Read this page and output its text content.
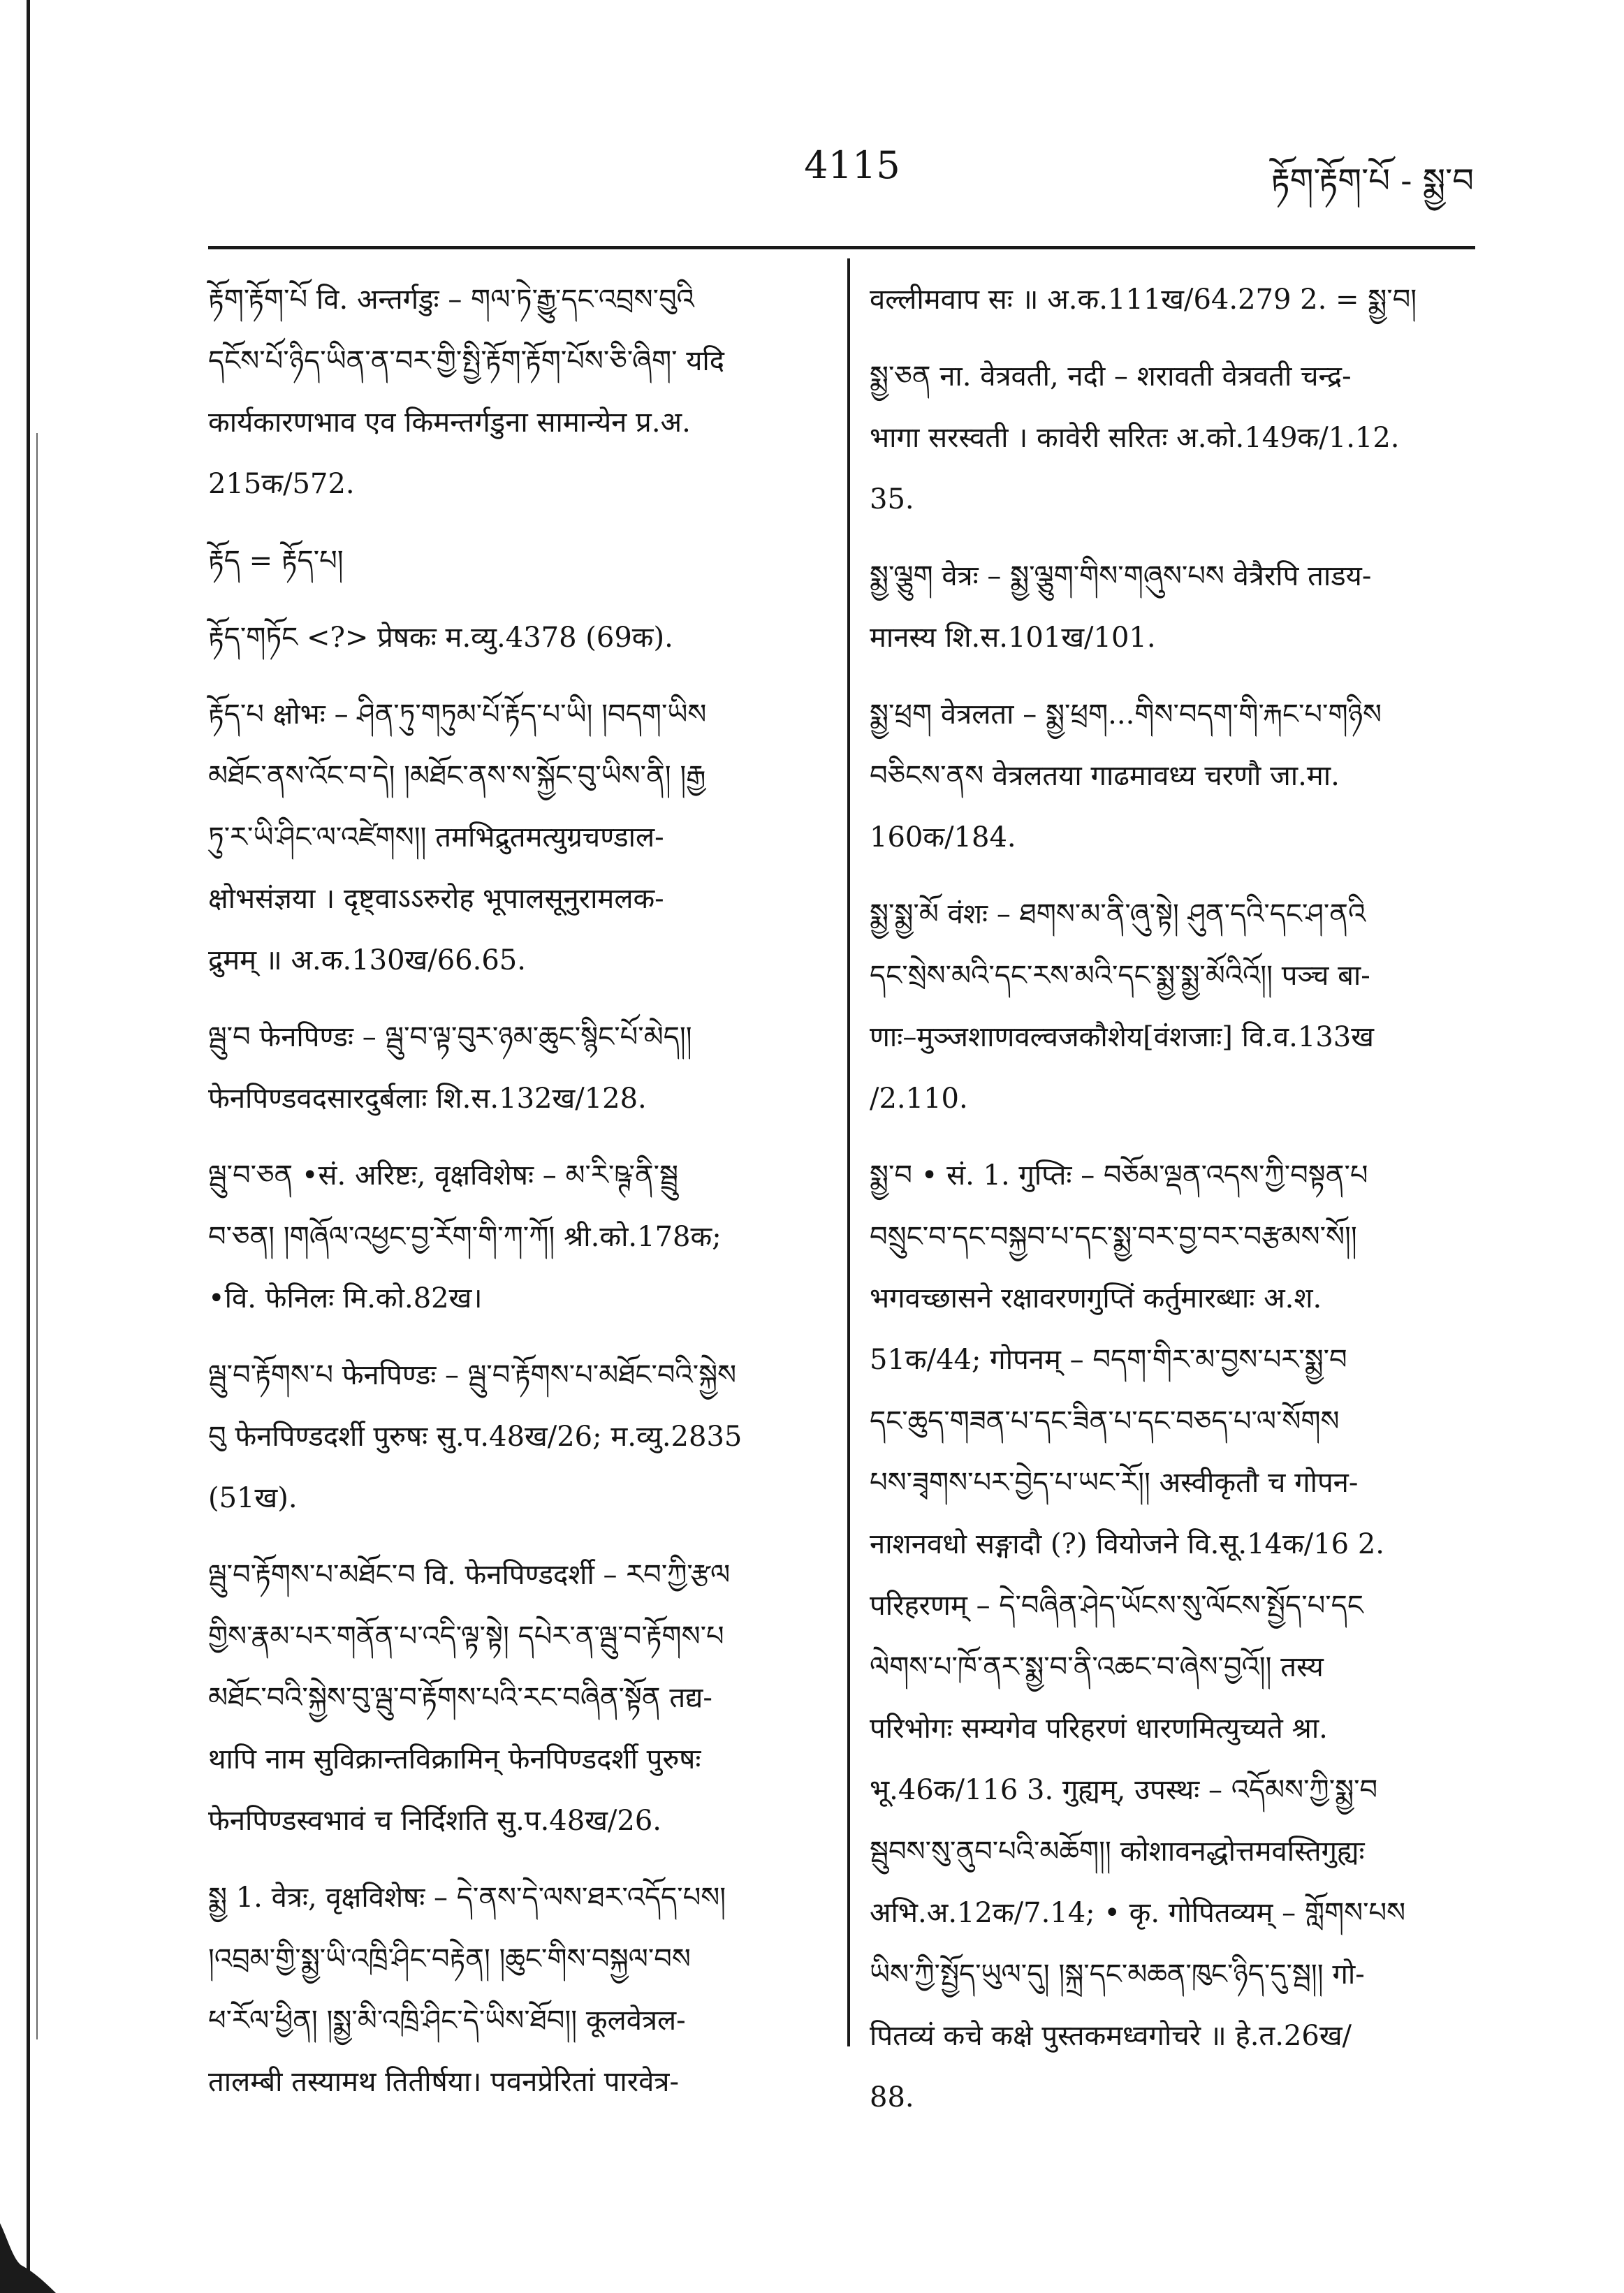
4115	རྟོག་རྟོག་པོ - སྨྱ་བ

རྟོག་རྟོག་པོ वि. अन्तर्गडुः – གལ་ཏེ་རྒྱུ་དང་འབྲས་བུའི

དངོས་པོ་ཉིད་ཡིན་ན་བར་གྱི་སྤྱི་རྟོག་རྟོག་པོས་ཅི་ཞིག་ यदि

कार्यकारणभाव एव किमन्तर्गडुना सामान्येन प्र.अ.

215क/572.

རྟོད = རྟོད་པ།

རྟོད་གཏོང <?> प्रेषकः म.व्यु.4378 (69क).

རྟོད་པ क्षोभः – ཤིན་ཏུ་གཏུམ་པོ་རྟོད་པ་ཡི། །བདག་ཡིས

མཐོང་ནས་འོང་བ་དེ། །མཐོང་ནས་ས་སྐྱོང་བུ་ཡིས་ནི། །རྒྱ

ཏུ་ར་ཡི་ཤིང་ལ་འཛེགས།། तमभिद्रुतमत्युग्रचण्डाल-

क्षोभसंज्ञया । दृष्ट्वाऽऽरुरोह भूपालसूनुरामलक-

द्रुमम् ॥ अ.क.130ख/66.65.

ལྦུ་བ फेनपिण्डः – ལྦུ་བ་ལྟ་བུར་ཉམ་ཆུང་སྙིང་པོ་མེད།།

फेनपिण्डवदसारदुर्बलाः शि.स.132ख/128.

ལྦུ་བ་ཅན •सं. अरिष्टः, वृक्षविशेषः – མ་རི་ཥྚ་ནི་སྦྲུ

བ་ཅན། །གཞོལ་འཕྱང་བྱ་རོག་གི་ཀ་ཀོ། श्री.को.178क;

•वि. फेनिलः मि.को.82ख।

ལྦུ་བ་རྟོགས་པ फेनपिण्डः – ལྦུ་བ་རྟོགས་པ་མཐོང་བའི་སྐྱེས

བུ फेनपिण्डदर्शी पुरुषः सु.प.48ख/26; म.व्यु.2835

(51ख).

ལྦུ་བ་རྟོགས་པ་མཐོང་བ वि. फेनपिण्डदर्शी – རབ་ཀྱི་རྩལ

གྱིས་རྣམ་པར་གནོན་པ་འདི་ལྟ་སྟེ། དཔེར་ན་ལྦུ་བ་རྟོགས་པ

མཐོང་བའི་སྐྱེས་བུ་ལྦུ་བ་རྟོགས་པའི་རང་བཞིན་སྟོན तद्य-

थापि नाम सुविक्रान्तविक्रामिन् फेनपिण्डदर्शी पुरुषः

फेनपिण्डस्वभावं च निर्दिशति सु.प.48ख/26.

སྨྱ 1. वेत्रः, वृक्षविशेषः – དེ་ནས་དེ་ལས་ཐར་འདོད་པས།

།འབྲམ་གྱི་སྨྱ་ཡི་འཁྲི་ཤིང་བརྟེན། །ཆུང་གིས་བསྐྱལ་བས

ཕ་རོལ་ཕྱིན། །སྨྱ་མི་འཁྲི་ཤིང་དེ་ཡིས་ཐོབ།། कूलवेत्रल-

तालम्बी तस्यामथ तितीर्षया। पवनप्रेरितां पारवेत्र-

वल्लीमवाप सः ॥ अ.क.111ख/64.279 2. = སྨྱ་བ།

སྨྱ་ཅན ना. वेत्रवती, नदी – शरावती वेत्रवती चन्द्र-

भागा सरस्वती । कावेरी सरितः अ.को.149क/1.12.

35.

སྨྱ་ལྕུག वेत्रः – སྨྱ་ལྕུག་གིས་གཞུས་པས वेत्रैरपि ताडय-

मानस्य शि.स.101ख/101.

སྨྱ་ཕྲག वेत्रलता – སྨྱ་ཕྲག...གིས་བདག་གི་རྐང་པ་གཉིས

བཅིངས་ནས वेत्रलतया गाढमावध्य चरणौ जा.मा.

160क/184.

སྨྱ་སྨྱ་མོ वंशः – ཐགས་མ་ནི་ཞུ་སྟེ། ཤུན་དའི་དང་ཤ་ནའི

དང་སྲེས་མའི་དང་རས་མའི་དང་སྨྱ་སྨྱ་མོའིའོ།། पञ्च बा-

णाः–मुञ्जशाणवल्वजकौशेय[वंशजाः] वि.व.133ख

/2.110.

སྨྱ་བ • सं. 1. गुप्तिः – བཅོམ་ལྡན་འདས་ཀྱི་བསྟན་པ

བསྲུང་བ་དང་བསྐྱབ་པ་དང་སྨྱ་བར་བྱ་བར་བརྩམས་སོ།།

भगवच्छासने रक्षावरणगुप्तिं कर्तुमारब्धाः अ.श.

51क/44; गोपनम् – བདག་གིར་མ་བྱས་པར་སྨྱ་བ

དང་ཆུད་གཟན་པ་དང་ཟིན་པ་དང་བཅད་པ་ལ་སོགས

པས་ཟྭགས་པར་བྱེད་པ་ཡང་རོ།། अस्वीकृतौ च गोपन-

नाशनवधो सङ्गादौ (?) वियोजने वि.सू.14क/16 2.

परिहरणम् – དེ་བཞིན་ཤེད་ཡོངས་སུ་ལོངས་སྤྱོད་པ་དང

ལེགས་པ་ཁོ་ནར་སྨྱ་བ་ནི་འཆང་བ་ཞེས་བྱའོ།། तस्य

परिभोगः सम्यगेव परिहरणं धारणमित्युच्यते श्रा.

भू.46क/116 3. गुह्यम्, उपस्थः – འདོམས་ཀྱི་སྨྱ་བ

སྦུབས་སུ་ནུབ་པའི་མཆོག།། कोशावनद्धोत्तमवस्तिगुह्यः

अभि.अ.12क/7.14; • कृ. गोपितव्यम् – གློགས་པས

ཡིས་ཀྱི་སྤྱོད་ཡུལ་དུ། །སྐྲ་དང་མཆན་ཁུང་ཉིད་དུ་སྦ།། गो-

पितव्यं कचे कक्षे पुस्तकमध्वगोचरे ॥ हे.त.26ख/

88.
